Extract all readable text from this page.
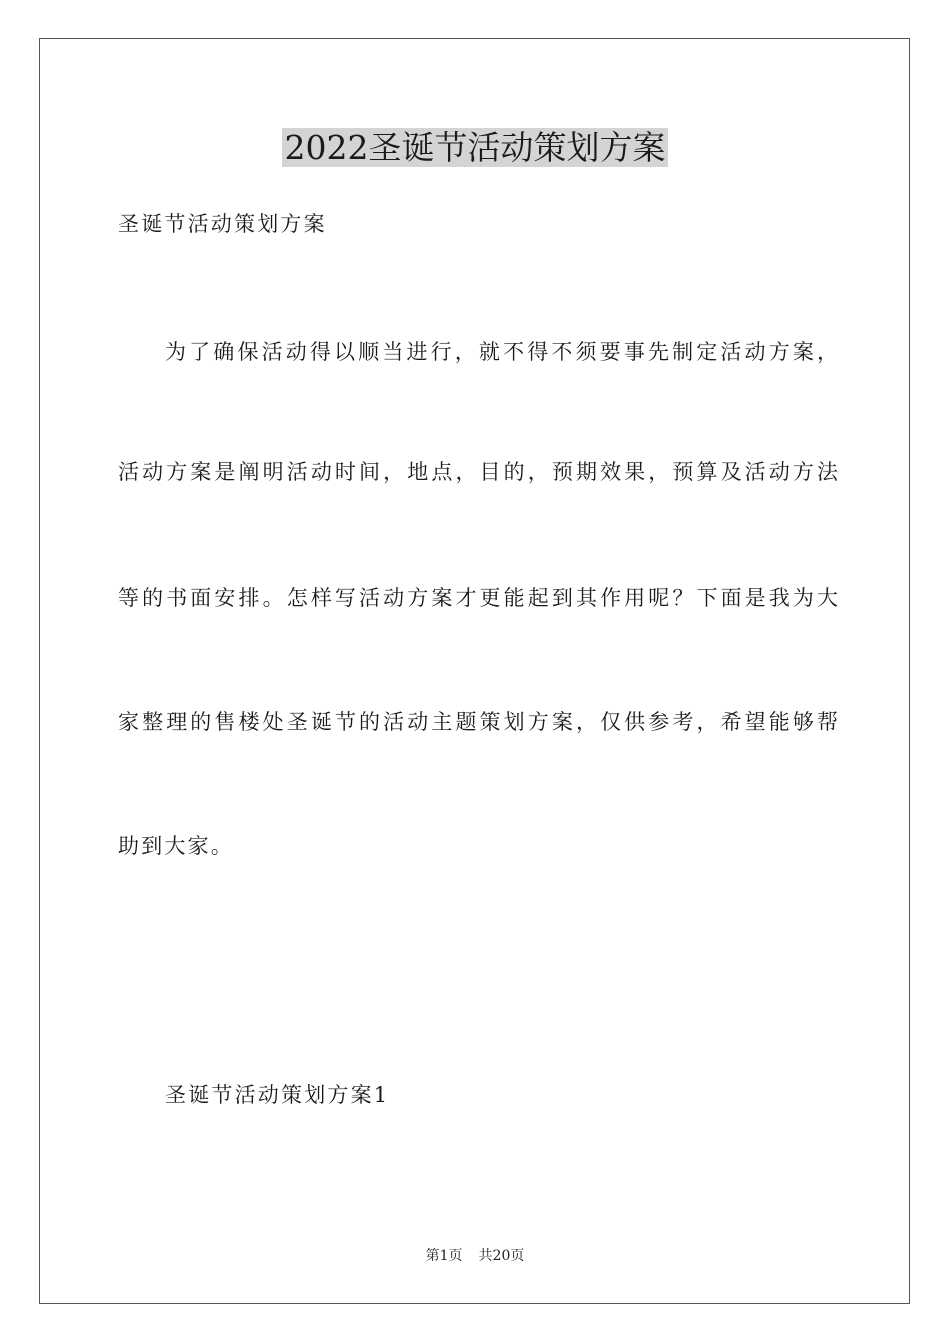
2022圣诞节活动策划方案
圣诞节活动策划方案
为了确保活动得以顺当进行，就不得不须要事先制定活动方案，
活动方案是阐明活动时间，地点，目的，预期效果，预算及活动方法
等的书面安排。怎样写活动方案才更能起到其作用呢？下面是我为大
家整理的售楼处圣诞节的活动主题策划方案，仅供参考，希望能够帮
助到大家。
圣诞节活动策划方案1
第1页 共20页
